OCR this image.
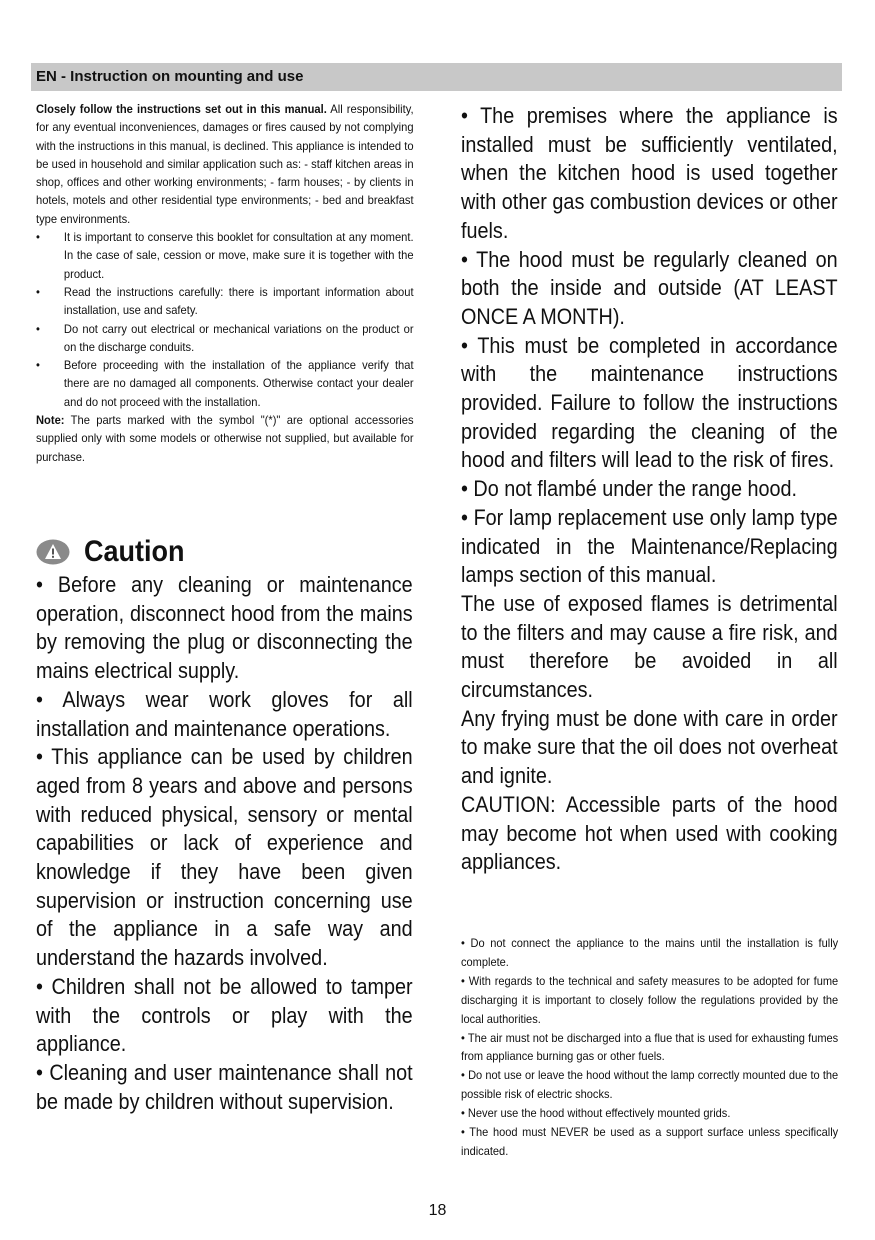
EN - Instruction on mounting and use

Closely follow the instructions set out in this manual. All responsibility, for any eventual inconveniences, damages or fires caused by not complying with the instructions in this manual, is declined. This appliance is intended to be used in household and similar application such as: - staff kitchen areas in shop, offices and other working environments; - farm houses; - by clients in hotels, motels and other residential type environments; - bed and breakfast type environments.

• It is important to conserve this booklet for consultation at any moment. In the case of sale, cession or move, make sure it is together with the product.
• Read the instructions carefully: there is important information about installation, use and safety.
• Do not carry out electrical or mechanical variations on the product or on the discharge conduits.
• Before proceeding with the installation of the appliance verify that there are no damaged all components. Otherwise contact your dealer and do not proceed with the installation.

Note: The parts marked with the symbol "(*)" are optional accessories supplied only with some models or otherwise not supplied, but available for purchase.

Caution

• Before any cleaning or maintenance operation, disconnect hood from the mains by removing the plug or disconnecting the mains electrical supply.

• Always wear work gloves for all installation and maintenance operations.

• This appliance can be used by children aged from 8 years and above and persons with reduced physical, sensory or mental capabilities or lack of experience and knowledge if they have been given supervision or instruction concerning use of the appliance in a safe way and understand the hazards involved.

• Children shall not be allowed to tamper with the controls or play with the appliance.

• Cleaning and user maintenance shall not be made by children without supervision.

• The premises where the appliance is installed must be sufficiently ventilated, when the kitchen hood is used together with other gas combustion devices or other fuels.

• The hood must be regularly cleaned on both the inside and outside (AT LEAST ONCE A MONTH).

• This must be completed in accordance with the maintenance instructions provided. Failure to follow the instructions provided regarding the cleaning of the hood and filters will lead to the risk of fires.

• Do not flambé under the range hood.

• For lamp replacement use only lamp type indicated in the Maintenance/Replacing lamps section of this manual.

The use of exposed flames is detrimental to the filters and may cause a fire risk, and must therefore be avoided in all circumstances.

Any frying must be done with care in order to make sure that the oil does not overheat and ignite.

CAUTION: Accessible parts of the hood may become hot when used with cooking appliances.

• Do not connect the appliance to the mains until the installation is fully complete.

• With regards to the technical and safety measures to be adopted for fume discharging it is important to closely follow the regulations provided by the local authorities.

• The air must not be discharged into a flue that is used for exhausting fumes from appliance burning gas or other fuels.

• Do not use or leave the hood without the lamp correctly mounted due to the possible risk of electric shocks.

• Never use the hood without effectively mounted grids.

• The hood must NEVER be used as a support surface unless specifically indicated.

18
